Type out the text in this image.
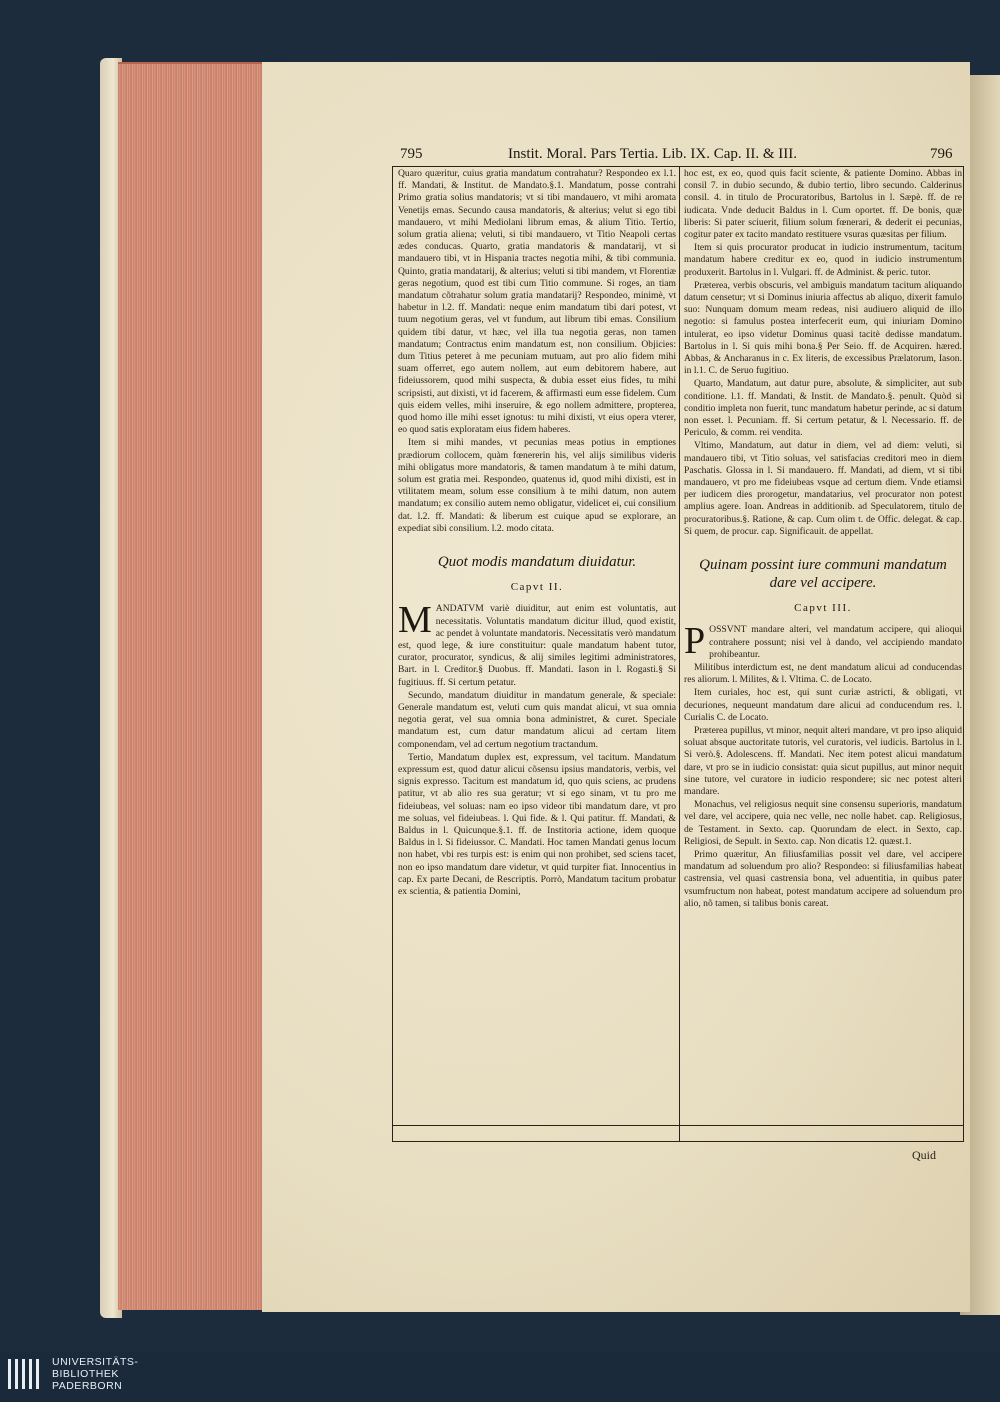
795	Instit. Moral. Pars Tertia. Lib. IX. Cap. II. & III.	796

Quaro quæritur, cuius gratia mandatum contrahatur? Respondeo ex l.1. ff. Mandati, & Institut. de Mandato.§.1. Mandatum, posse contrahi Primo gratia solius mandatoris; vt si tibi mandauero, vt mihi aromata Venetijs emas. Secundo causa mandatoris, & alterius; velut si ego tibi mandauero, vt mihi Mediolani librum emas, & alium Titio. Tertio, solum gratia aliena; veluti, si tibi mandauero, vt Titio Neapoli certas ædes conducas. Quarto, gratia mandatoris & mandatarij, vt si mandauero tibi, vt in Hispania tractes negotia mihi, & tibi communia. Quinto, gratia mandatarij, & alterius; veluti si tibi mandem, vt Florentiæ geras negotium, quod est tibi cum Titio commune. Si roges, an tiam mandatum cõtrahatur solum gratia mandatarij? Respondeo, minimè, vt habetur in l.2. ff. Mandati: neque enim mandatum tibi dari potest, vt tuum negotium geras, vel vt fundum, aut librum tibi emas. Consilium quidem tibi datur, vt hæc, vel illa tua negotia geras, non tamen mandatum; Contractus enim mandatum est, non consilium. Objicies: dum Titius peteret à me pecuniam mutuam, aut pro alio fidem mihi suam offerret, ego autem nollem, aut eum debitorem habere, aut fideiussorem, quod mihi suspecta, & dubia esset eius fides, tu mihi scripsisti, aut dixisti, vt id facerem, & affirmasti eum esse fidelem. Cum quis eidem velles, mihi inseruire, & ego nollem admittere, propterea, quod homo ille mihi esset ignotus: tu mihi dixisti, vt eius opera vterer, eo quod satis exploratam eius fidem haberes.

Item si mihi mandes, vt pecunias meas potius in emptiones prædiorum collocem, quàm fœnererin his, vel alijs similibus videris mihi obligatus more mandatoris, & tamen mandatum à te mihi datum, solum est gratia mei. Respondeo, quatenus id, quod mihi dixisti, est in vtilitatem meam, solum esse consilium à te mihi datum, non autem mandatum; ex consilio autem nemo obligatur, videlicet ei, cui consilium dat. l.2. ff. Mandati: & liberum est cuique apud se explorare, an expediat sibi consilium. l.2. modo citata.

Quot modis mandatum diuidatur.
Capvt II.

MANDATVM variè diuiditur, aut enim est voluntatis, aut necessitatis. Voluntatis mandatum dicitur illud, quod existit, ac pendet à voluntate mandatoris. Necessitatis verò mandatum est, quod lege, & iure constituitur: quale mandatum habent tutor, curator, procurator, syndicus, & alij similes legitimi administratores, Bart. in l. Creditor.§ Duobus. ff. Mandati. Iason in l. Rogasti.§ Si fugitiuus. ff. Si certum petatur.

Secundo, mandatum diuiditur in mandatum generale, & speciale: Generale mandatum est, veluti cum quis mandat alicui, vt sua omnia negotia gerat, vel sua omnia bona administret, & curet. Speciale mandatum est, cum datur mandatum alicui ad certam litem componendam, vel ad certum negotium tractandum.

Tertio, Mandatum duplex est, expressum, vel tacitum. Mandatum expressum est, quod datur alicui cõsensu ipsius mandatoris, verbis, vel signis expresso. Tacitum est mandatum id, quo quis sciens, ac prudens patitur, vt ab alio res sua geratur; vt si ego sinam, vt tu pro me fideiubeas, vel soluas: nam eo ipso videor tibi mandatum dare, vt pro me soluas, vel fideiubeas. l. Qui fide. & l. Qui patitur. ff. Mandati, & Baldus in l. Quicunque.§.1. ff. de Institoria actione, idem quoque Baldus in l. Si fideiussor. C. Mandati. Hoc tamen Mandati genus locum non habet, vbi res turpis est: is enim qui non prohibet, sed sciens tacet, non eo ipso mandatum dare videtur, vt quid turpiter fiat. Innocentius in cap. Ex parte Decani, de Rescriptis. Porrò, Mandatum tacitum probatur ex scientia, & patientia Domini,

hoc est, ex eo, quod quis facit sciente, & patiente Domino. Abbas in consil 7. in dubio secundo, & dubio tertio, libro secundo. Calderinus consil. 4. in titulo de Procuratoribus, Bartolus in l. Sæpè. ff. de re iudicata. Vnde deducit Baldus in l. Cum oportet. ff. De bonis, quæ liberis: Si pater sciuerit, filium solum fœnerari, & dederit ei pecunias, cogitur pater ex tacito mandato restituere vsuras quæsitas per filium.

Item si quis procurator producat in iudicio instrumentum, tacitum mandatum habere creditur ex eo, quod in iudicio instrumentum produxerit. Bartolus in l. Vulgari. ff. de Administ. & peric. tutor.

Præterea, verbis obscuris, vel ambiguis mandatum tacitum aliquando datum censetur; vt si Dominus iniuria affectus ab aliquo, dixerit famulo suo: Nunquam domum meam redeas, nisi audiuero aliquid de illo negotio: si famulus postea interfecerit eum, qui iniuriam Domino intulerat, eo ipso videtur Dominus quasi tacitè dedisse mandatum. Bartolus in l. Si quis mihi bona.§ Per Seio. ff. de Acquiren. hæred. Abbas, & Ancharanus in c. Ex literis, de excessibus Prælatorum, Iason. in l.1. C. de Seruo fugitiuo.

Quarto, Mandatum, aut datur pure, absolute, & simpliciter, aut sub conditione. l.1. ff. Mandati, & Instit. de Mandato.§. penult. Quòd si conditio impleta non fuerit, tunc mandatum habetur perinde, ac si datum non esset. l. Pecuniam. ff. Si certum petatur, & l. Necessario. ff. de Periculo, & comm. rei vendita.

Vltimo, Mandatum, aut datur in diem, vel ad diem: veluti, si mandauero tibi, vt Titio soluas, vel satisfacias creditori meo in diem Paschatis. Glossa in l. Si mandauero. ff. Mandati, ad diem, vt si tibi mandauero, vt pro me fideiubeas vsque ad certum diem. Vnde etiamsi per iudicem dies prorogetur, mandatarius, vel procurator non potest amplius agere. Ioan. Andreas in additionib. ad Speculatorem, titulo de procuratoribus.§. Ratione, & cap. Cum olim t. de Offic. delegat. & cap. Si quem, de procur. cap. Significauit. de appellat.

Quinam possint iure communi mandatum dare vel accipere.
Capvt III.

POSSVNT mandare alteri, vel mandatum accipere, qui alioqui contrahere possunt; nisi vel à dando, vel accipiendo mandato prohibeantur.

Militibus interdictum est, ne dent mandatum alicui ad conducendas res aliorum. l. Milites, & l. Vltima. C. de Locato.

Item curiales, hoc est, qui sunt curiæ astricti, & obligati, vt decuriones, nequeunt mandatum dare alicui ad conducendum res. l. Curialis C. de Locato.

Præterea pupillus, vt minor, nequit alteri mandare, vt pro ipso aliquid soluat absque auctoritate tutoris, vel curatoris, vel iudicis. Bartolus in l. Si verò.§. Adolescens. ff. Mandati. Nec item potest alicui mandatum dare, vt pro se in iudicio consistat: quia sicut pupillus, aut minor nequit sine tutore, vel curatore in iudicio respondere; sic nec potest alteri mandare.

Monachus, vel religiosus nequit sine consensu superioris, mandatum vel dare, vel accipere, quia nec velle, nec nolle habet. cap. Religiosus, de Testament. in Sexto. cap. Quorundam de elect. in Sexto, cap. Religiosi, de Sepult. in Sexto. cap. Non dicatis 12. quæst.1.

Primo quæritur, An filiusfamilias possit vel dare, vel accipere mandatum ad soluendum pro alio? Respondeo: si filiusfamilias habeat castrensia, vel quasi castrensia bona, vel aduentitia, in quibus pater vsumfructum non habeat, potest mandatum accipere ad soluendum pro alio, nõ tamen, si talibus bonis careat.

Quid
UNIVERSITÄTS-
BIBLIOTHEK
PADERBORN
